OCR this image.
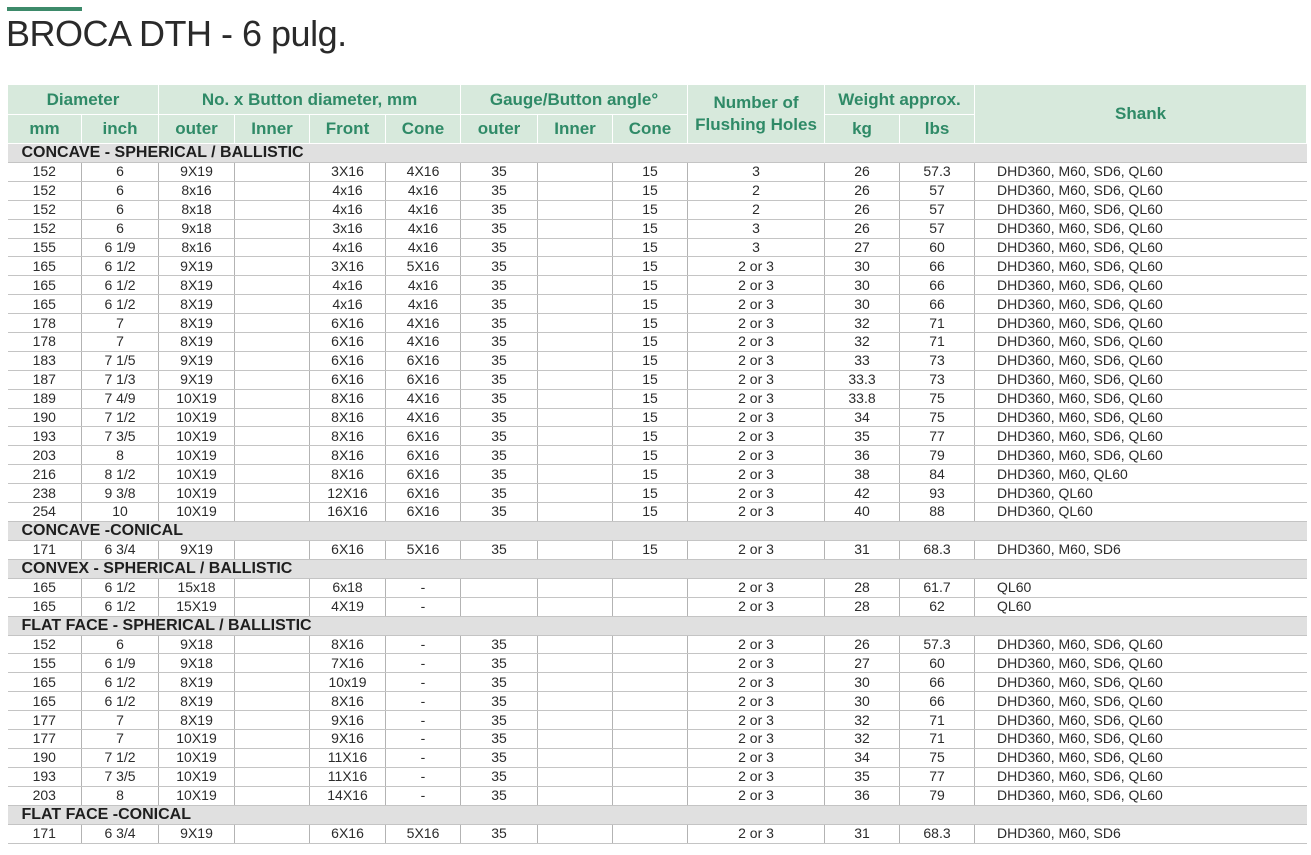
BROCA DTH - 6 pulg.
Diameter		No. x Button diameter, mm				Gauge/Button angle°			Number of Flushing Holes	Weight approx.		Shank
mm	inch	outer	Inner	Front	Cone	outer	Inner	Cone		kg	lbs	
CONCAVE - SPHERICAL / BALLISTIC												
152	6	9X19		3X16	4X16	35		15	3	26	57.3	DHD360, M60, SD6, QL60
152	6	8x16		4x16	4x16	35		15	2	26	57	DHD360, M60, SD6, QL60
152	6	8x18		4x16	4x16	35		15	2	26	57	DHD360, M60, SD6, QL60
152	6	9x18		3x16	4x16	35		15	3	26	57	DHD360, M60, SD6, QL60
155	6 1/9	8x16		4x16	4x16	35		15	3	27	60	DHD360, M60, SD6, QL60
165	6 1/2	9X19		3X16	5X16	35		15	2 or 3	30	66	DHD360, M60, SD6, QL60
165	6 1/2	8X19		4x16	4x16	35		15	2 or 3	30	66	DHD360, M60, SD6, QL60
165	6 1/2	8X19		4x16	4x16	35		15	2 or 3	30	66	DHD360, M60, SD6, QL60
178	7	8X19		6X16	4X16	35		15	2 or 3	32	71	DHD360, M60, SD6, QL60
178	7	8X19		6X16	4X16	35		15	2 or 3	32	71	DHD360, M60, SD6, QL60
183	7 1/5	9X19		6X16	6X16	35		15	2 or 3	33	73	DHD360, M60, SD6, QL60
187	7 1/3	9X19		6X16	6X16	35		15	2 or 3	33.3	73	DHD360, M60, SD6, QL60
189	7 4/9	10X19		8X16	4X16	35		15	2 or 3	33.8	75	DHD360, M60, SD6, QL60
190	7 1/2	10X19		8X16	4X16	35		15	2 or 3	34	75	DHD360, M60, SD6, QL60
193	7 3/5	10X19		8X16	6X16	35		15	2 or 3	35	77	DHD360, M60, SD6, QL60
203	8	10X19		8X16	6X16	35		15	2 or 3	36	79	DHD360, M60, SD6, QL60
216	8 1/2	10X19		8X16	6X16	35		15	2 or 3	38	84	DHD360, M60, QL60
238	9 3/8	10X19		12X16	6X16	35		15	2 or 3	42	93	DHD360, QL60
254	10	10X19		16X16	6X16	35		15	2 or 3	40	88	DHD360, QL60
CONCAVE -CONICAL												
171	6 3/4	9X19		6X16	5X16	35		15	2 or 3	31	68.3	DHD360, M60, SD6
CONVEX - SPHERICAL / BALLISTIC												
165	6 1/2	15x18		6x18	-				2 or 3	28	61.7	QL60
165	6 1/2	15X19		4X19	-				2 or 3	28	62	QL60
FLAT FACE - SPHERICAL / BALLISTIC												
152	6	9X18		8X16	-	35			2 or 3	26	57.3	DHD360, M60, SD6, QL60
155	6 1/9	9X18		7X16	-	35			2 or 3	27	60	DHD360, M60, SD6, QL60
165	6 1/2	8X19		10x19	-	35			2 or 3	30	66	DHD360, M60, SD6, QL60
165	6 1/2	8X19		8X16	-	35			2 or 3	30	66	DHD360, M60, SD6, QL60
177	7	8X19		9X16	-	35			2 or 3	32	71	DHD360, M60, SD6, QL60
177	7	10X19		9X16	-	35			2 or 3	32	71	DHD360, M60, SD6, QL60
190	7 1/2	10X19		11X16	-	35			2 or 3	34	75	DHD360, M60, SD6, QL60
193	7 3/5	10X19		11X16	-	35			2 or 3	35	77	DHD360, M60, SD6, QL60
203	8	10X19		14X16	-	35			2 or 3	36	79	DHD360, M60, SD6, QL60
FLAT FACE -CONICAL												
171	6 3/4	9X19		6X16	5X16	35			2 or 3	31	68.3	DHD360, M60, SD6
